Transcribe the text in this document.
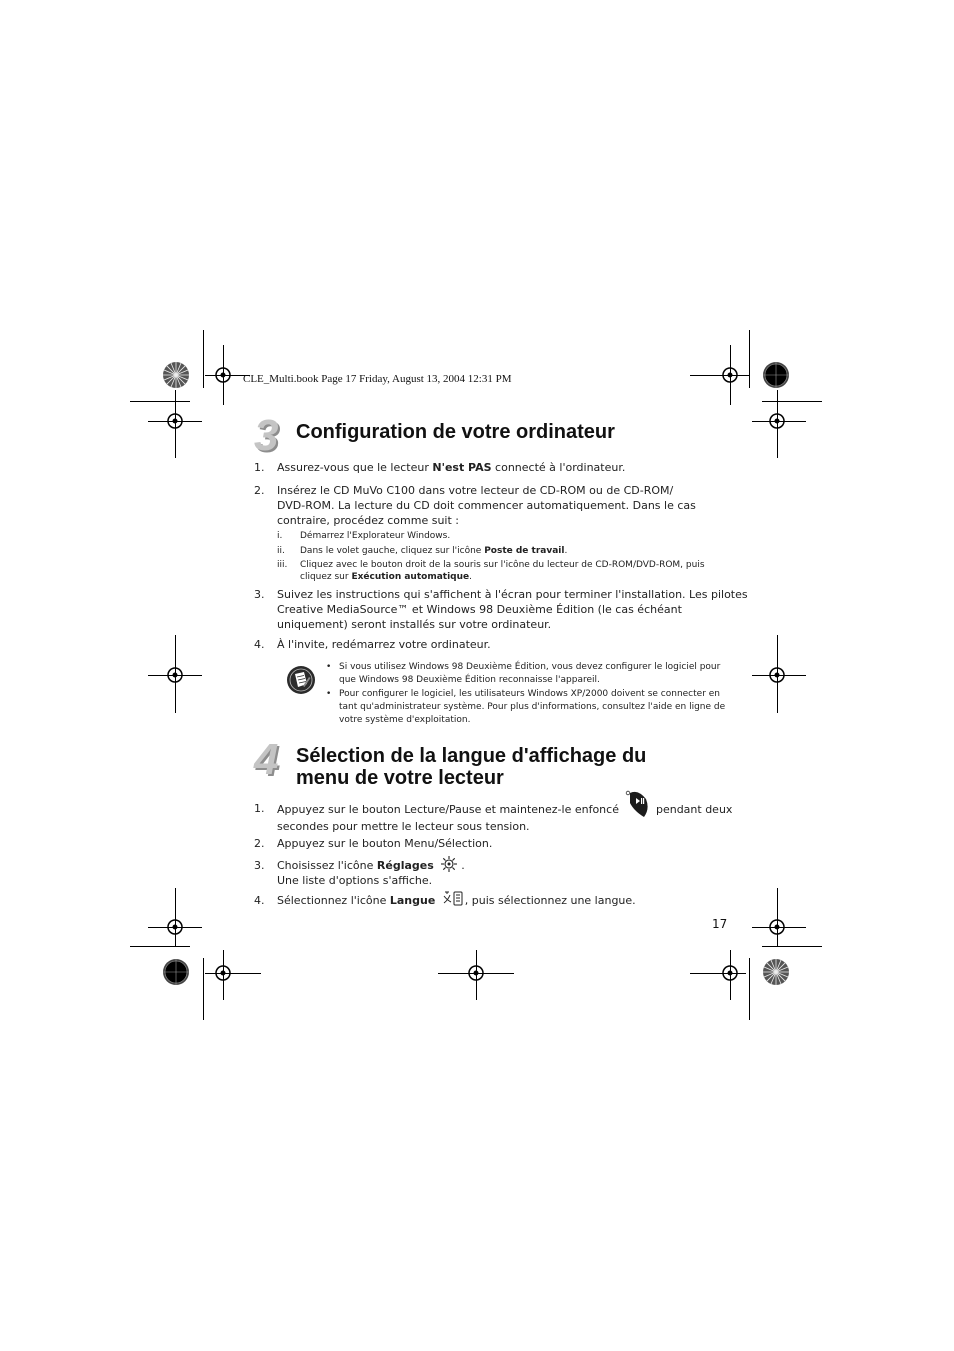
CLE_Multi.book Page 17 Friday, August 13, 2004 12:31 PM
3 Configuration de votre ordinateur
1. Assurez-vous que le lecteur N'est PAS connecté à l'ordinateur.
2. Insérez le CD MuVo C100 dans votre lecteur de CD-ROM ou de CD-ROM/
DVD-ROM. La lecture du CD doit commencer automatiquement. Dans le cas
contraire, procédez comme suit :
i. Démarrez l'Explorateur Windows.
ii. Dans le volet gauche, cliquez sur l'icône Poste de travail.
iii. Cliquez avec le bouton droit de la souris sur l'icône du lecteur de CD-ROM/DVD-ROM, puis
cliquez sur Exécution automatique.
3. Suivez les instructions qui s'affichent à l'écran pour terminer l'installation. Les pilotes
Creative MediaSource™ et Windows 98 Deuxième Édition (le cas échéant
uniquement) seront installés sur votre ordinateur.
4. À l'invite, redémarrez votre ordinateur.
• Si vous utilisez Windows 98 Deuxième Édition, vous devez configurer le logiciel pour
que Windows 98 Deuxième Édition reconnaisse l'appareil.
• Pour configurer le logiciel, les utilisateurs Windows XP/2000 doivent se connecter en
tant qu'administrateur système. Pour plus d'informations, consultez l'aide en ligne de
votre système d'exploitation.
4 Sélection de la langue d'affichage du
menu de votre lecteur
1. Appuyez sur le bouton Lecture/Pause et maintenez-le enfoncé	pendant deux
secondes pour mettre le lecteur sous tension.
2. Appuyez sur le bouton Menu/Sélection.
3. Choisissez l'icône Réglages	.
Une liste d'options s'affiche.
4. Sélectionnez l'icône Langue	, puis sélectionnez une langue.
17
